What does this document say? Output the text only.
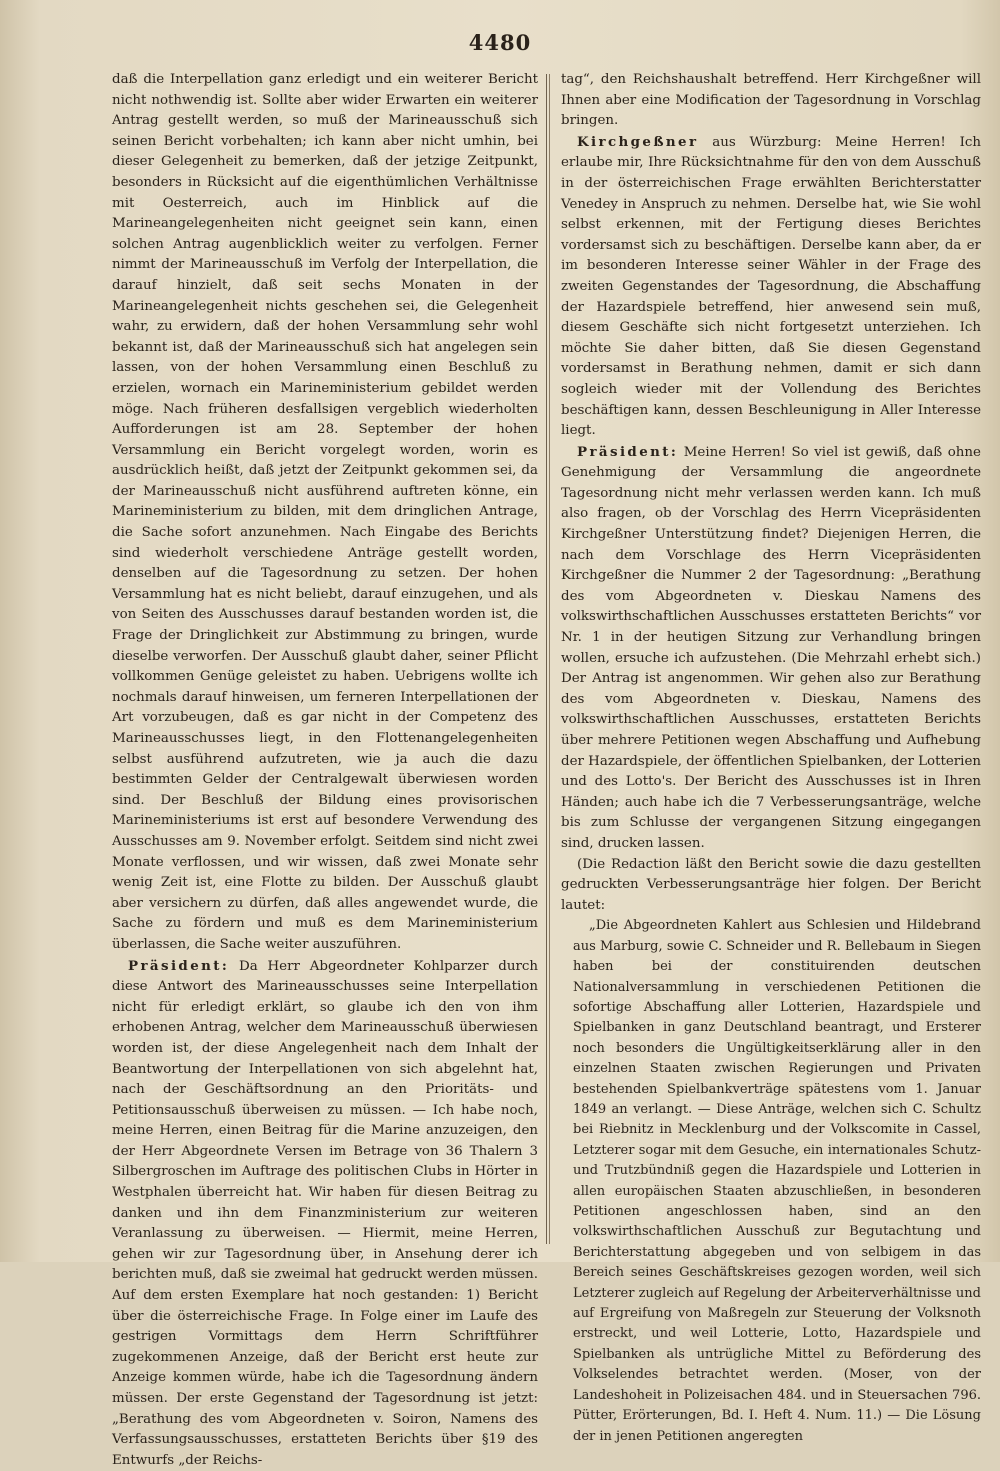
4480

daß die Interpellation ganz erledigt und ein weiterer Bericht nicht nothwendig ist. Sollte aber wider Erwarten ein weiterer Antrag gestellt werden, so muß der Marineausschuß sich seinen Bericht vorbehalten; ich kann aber nicht umhin, bei dieser Gelegenheit zu bemerken, daß der jetzige Zeitpunkt, besonders in Rücksicht auf die eigenthümlichen Verhältnisse mit Oesterreich, auch im Hinblick auf die Marineangelegenheiten nicht geeignet sein kann, einen solchen Antrag augenblicklich weiter zu verfolgen. Ferner nimmt der Marineausschuß im Verfolg der Interpellation, die darauf hinzielt, daß seit sechs Monaten in der Marineangelegenheit nichts geschehen sei, die Gelegenheit wahr, zu erwidern, daß der hohen Versammlung sehr wohl bekannt ist, daß der Marineausschuß sich hat angelegen sein lassen, von der hohen Versammlung einen Beschluß zu erzielen, wornach ein Marineministerium gebildet werden möge. Nach früheren desfallsigen vergeblich wiederholten Aufforderungen ist am 28. September der hohen Versammlung ein Bericht vorgelegt worden, worin es ausdrücklich heißt, daß jetzt der Zeitpunkt gekommen sei, da der Marineausschuß nicht ausführend auftreten könne, ein Marineministerium zu bilden, mit dem dringlichen Antrage, die Sache sofort anzunehmen. Nach Eingabe des Berichts sind wiederholt verschiedene Anträge gestellt worden, denselben auf die Tagesordnung zu setzen. Der hohen Versammlung hat es nicht beliebt, darauf einzugehen, und als von Seiten des Ausschusses darauf bestanden worden ist, die Frage der Dringlichkeit zur Abstimmung zu bringen, wurde dieselbe verworfen. Der Ausschuß glaubt daher, seiner Pflicht vollkommen Genüge geleistet zu haben. Uebrigens wollte ich nochmals darauf hinweisen, um ferneren Interpellationen der Art vorzubeugen, daß es gar nicht in der Competenz des Marineausschusses liegt, in den Flottenangelegenheiten selbst ausführend aufzutreten, wie ja auch die dazu bestimmten Gelder der Centralgewalt überwiesen worden sind. Der Beschluß der Bildung eines provisorischen Marineministeriums ist erst auf besondere Verwendung des Ausschusses am 9. November erfolgt. Seitdem sind nicht zwei Monate verflossen, und wir wissen, daß zwei Monate sehr wenig Zeit ist, eine Flotte zu bilden. Der Ausschuß glaubt aber versichern zu dürfen, daß alles angewendet wurde, die Sache zu fördern und muß es dem Marineministerium überlassen, die Sache weiter auszuführen.

Präsident: Da Herr Abgeordneter Kohlparzer durch diese Antwort des Marineausschusses seine Interpellation nicht für erledigt erklärt, so glaube ich den von ihm erhobenen Antrag, welcher dem Marineausschuß überwiesen worden ist, der diese Angelegenheit nach dem Inhalt der Beantwortung der Interpellationen von sich abgelehnt hat, nach der Geschäftsordnung an den Prioritäts- und Petitionsausschuß überweisen zu müssen. — Ich habe noch, meine Herren, einen Beitrag für die Marine anzuzeigen, den der Herr Abgeordnete Versen im Betrage von 36 Thalern 3 Silbergroschen im Auftrage des politischen Clubs in Hörter in Westphalen überreicht hat. Wir haben für diesen Beitrag zu danken und ihn dem Finanzministerium zur weiteren Veranlassung zu überweisen. — Hiermit, meine Herren, gehen wir zur Tagesordnung über, in Ansehung derer ich berichten muß, daß sie zweimal hat gedruckt werden müssen. Auf dem ersten Exemplare hat noch gestanden: 1) Bericht über die österreichische Frage. In Folge einer im Laufe des gestrigen Vormittags dem Herrn Schriftführer zugekommenen Anzeige, daß der Bericht erst heute zur Anzeige kommen würde, habe ich die Tagesordnung ändern müssen. Der erste Gegenstand der Tagesordnung ist jetzt: „Berathung des vom Abgeordneten v. Soiron, Namens des Verfassungsausschusses, erstatteten Berichts über §19 des Entwurfs „der Reichs-

tag“, den Reichshaushalt betreffend. Herr Kirchgeßner will Ihnen aber eine Modification der Tagesordnung in Vorschlag bringen.

Kirchgeßner aus Würzburg: Meine Herren! Ich erlaube mir, Ihre Rücksichtnahme für den von dem Ausschuß in der österreichischen Frage erwählten Berichterstatter Venedey in Anspruch zu nehmen. Derselbe hat, wie Sie wohl selbst erkennen, mit der Fertigung dieses Berichtes vordersamst sich zu beschäftigen. Derselbe kann aber, da er im besonderen Interesse seiner Wähler in der Frage des zweiten Gegenstandes der Tagesordnung, die Abschaffung der Hazardspiele betreffend, hier anwesend sein muß, diesem Geschäfte sich nicht fortgesetzt unterziehen. Ich möchte Sie daher bitten, daß Sie diesen Gegenstand vordersamst in Berathung nehmen, damit er sich dann sogleich wieder mit der Vollendung des Berichtes beschäftigen kann, dessen Beschleunigung in Aller Interesse liegt.

Präsident: Meine Herren! So viel ist gewiß, daß ohne Genehmigung der Versammlung die angeordnete Tagesordnung nicht mehr verlassen werden kann. Ich muß also fragen, ob der Vorschlag des Herrn Vicepräsidenten Kirchgeßner Unterstützung findet? Diejenigen Herren, die nach dem Vorschlage des Herrn Vicepräsidenten Kirchgeßner die Nummer 2 der Tagesordnung: „Berathung des vom Abgeordneten v. Dieskau Namens des volkswirthschaftlichen Ausschusses erstatteten Berichts“ vor Nr. 1 in der heutigen Sitzung zur Verhandlung bringen wollen, ersuche ich aufzustehen. (Die Mehrzahl erhebt sich.) Der Antrag ist angenommen. Wir gehen also zur Berathung des vom Abgeordneten v. Dieskau, Namens des volkswirthschaftlichen Ausschusses, erstatteten Berichts über mehrere Petitionen wegen Abschaffung und Aufhebung der Hazardspiele, der öffentlichen Spielbanken, der Lotterien und des Lotto's. Der Bericht des Ausschusses ist in Ihren Händen; auch habe ich die 7 Verbesserungsanträge, welche bis zum Schlusse der vergangenen Sitzung eingegangen sind, drucken lassen.

(Die Redaction läßt den Bericht sowie die dazu gestellten gedruckten Verbesserungsanträge hier folgen. Der Bericht lautet:

„Die Abgeordneten Kahlert aus Schlesien und Hildebrand aus Marburg, sowie C. Schneider und R. Bellebaum in Siegen haben bei der constituirenden deutschen Nationalversammlung in verschiedenen Petitionen die sofortige Abschaffung aller Lotterien, Hazardspiele und Spielbanken in ganz Deutschland beantragt, und Ersterer noch besonders die Ungültigkeitserklärung aller in den einzelnen Staaten zwischen Regierungen und Privaten bestehenden Spielbankverträge spätestens vom 1. Januar 1849 an verlangt. — Diese Anträge, welchen sich C. Schultz bei Riebnitz in Mecklenburg und der Volkscomite in Cassel, Letzterer sogar mit dem Gesuche, ein internationales Schutz- und Trutzbündniß gegen die Hazardspiele und Lotterien in allen europäischen Staaten abzuschließen, in besonderen Petitionen angeschlossen haben, sind an den volkswirthschaftlichen Ausschuß zur Begutachtung und Berichterstattung abgegeben und von selbigem in das Bereich seines Geschäftskreises gezogen worden, weil sich Letzterer zugleich auf Regelung der Arbeiterverhältnisse und auf Ergreifung von Maßregeln zur Steuerung der Volksnoth erstreckt, und weil Lotterie, Lotto, Hazardspiele und Spielbanken als untrügliche Mittel zu Beförderung des Volkselendes betrachtet werden. (Moser, von der Landeshoheit in Polizeisachen 484. und in Steuersachen 796. Pütter, Erörterungen, Bd. I. Heft 4. Num. 11.) — Die Lösung der in jenen Petitionen angeregten
